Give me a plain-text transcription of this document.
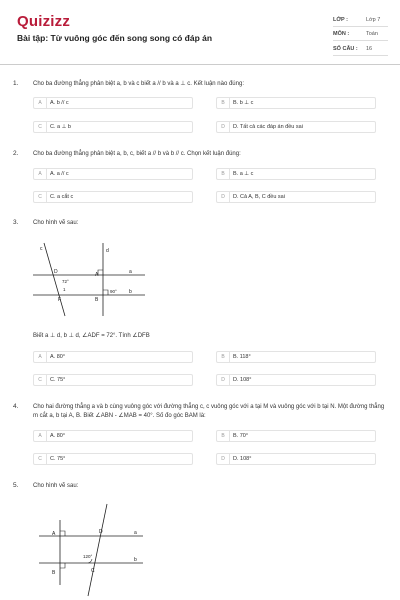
Quizizz
Bài tập: Từ vuông góc đến song song có đáp án
LỚP :	Lớp 7
MÔN :	Toán
SỐ CÂU : 16
1. Cho ba đường thẳng phân biệt a, b và c biết a // b và a ⊥ c. Kết luận nào đúng:
A	A. b // c	B	B. b ⊥ c
C	C. a ⊥ b	D	D. Tất cả các đáp án đều sai
2. Cho ba đường thẳng phân biệt a, b, c, biết a // b và b // c. Chọn kết luận đúng:
A	A. a // c	B	B. a ⊥ c
C	C. a cắt c	D	D. Cả A, B, C đều sai
3. Cho hình vẽ sau:
c	d
a
b
D	A
F	B
72°
90°
1
Biết a ⊥ d, b ⊥ d, ∠ADF = 72°. Tính ∠DFB
A	A. 80°	B	B. 118°
C	C. 75°	D	D. 108°
4. Cho hai đường thẳng a và b cùng vuông góc với đường thẳng c, c vuông góc với a tại M và vuông góc với b tại N. Một đường thẳng m cắt a, b tại A, B. Biết ∠ABN - ∠MAB = 40°. Số đo góc BAM là:
A	A. 80°	B	B. 70°
C	C. 75°	D	D. 108°
5. Cho hình vẽ sau:
A	D	a
B	C
b
120°
